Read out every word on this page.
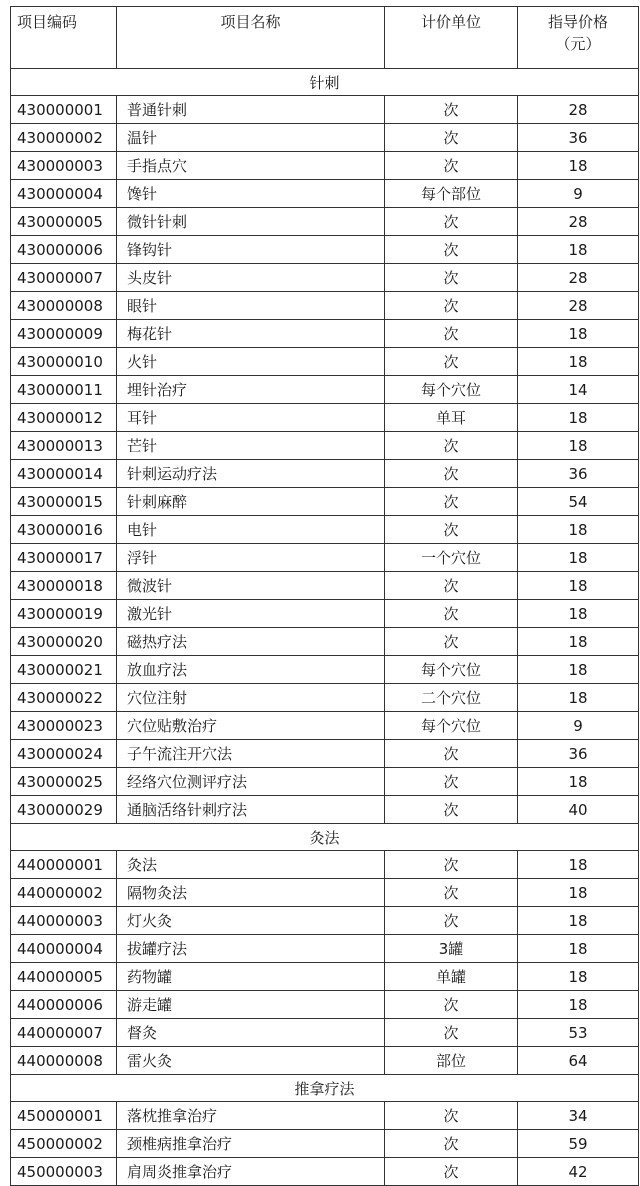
项目编码	项目名称	计价单位	指导价格
（元）

针刺			
430000001	普通针刺	次	28
430000002	温针	次	36
430000003	手指点穴	次	18
430000004	馋针	每个部位	9
430000005	微针针刺	次	28
430000006	锋钩针	次	18
430000007	头皮针	次	28
430000008	眼针	次	28
430000009	梅花针	次	18
430000010	火针	次	18
430000011	埋针治疗	每个穴位	14
430000012	耳针	单耳	18
430000013	芒针	次	18
430000014	针刺运动疗法	次	36
430000015	针刺麻醉	次	54
430000016	电针	次	18
430000017	浮针	一个穴位	18
430000018	微波针	次	18
430000019	激光针	次	18
430000020	磁热疗法	次	18
430000021	放血疗法	每个穴位	18
430000022	穴位注射	二个穴位	18
430000023	穴位贴敷治疗	每个穴位	9
430000024	子午流注开穴法	次	36
430000025	经络穴位测评疗法	次	18
430000029	通脑活络针刺疗法	次	40
灸法			
440000001	灸法	次	18
440000002	隔物灸法	次	18
440000003	灯火灸	次	18
440000004	拔罐疗法	3罐	18
440000005	药物罐	单罐	18
440000006	游走罐	次	18
440000007	督灸	次	53
440000008	雷火灸	部位	64
推拿疗法			
450000001	落枕推拿治疗	次	34
450000002	颈椎病推拿治疗	次	59
450000003	肩周炎推拿治疗	次	42
